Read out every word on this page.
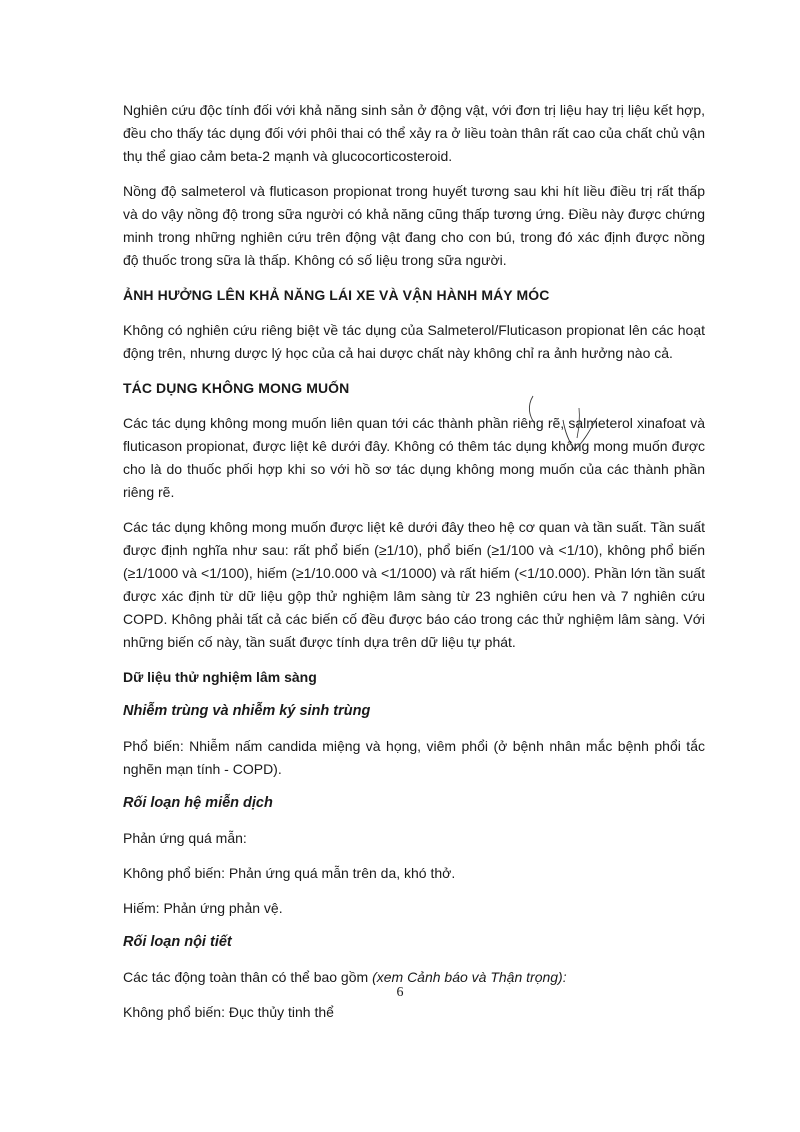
Nghiên cứu độc tính đối với khả năng sinh sản ở động vật, với đơn trị liệu hay trị liệu kết hợp, đều cho thấy tác dụng đối với phôi thai có thể xảy ra ở liều toàn thân rất cao của chất chủ vận thụ thể giao cảm beta-2 mạnh và glucocorticosteroid.

Nồng độ salmeterol và fluticason propionat trong huyết tương sau khi hít liều điều trị rất thấp và do vậy nồng độ trong sữa người có khả năng cũng thấp tương ứng. Điều này được chứng minh trong những nghiên cứu trên động vật đang cho con bú, trong đó xác định được nồng độ thuốc trong sữa là thấp. Không có số liệu trong sữa người.

ẢNH HƯỞNG LÊN KHẢ NĂNG LÁI XE VÀ VẬN HÀNH MÁY MÓC

Không có nghiên cứu riêng biệt về tác dụng của Salmeterol/Fluticason propionat lên các hoạt động trên, nhưng dược lý học của cả hai dược chất này không chỉ ra ảnh hưởng nào cả.

TÁC DỤNG KHÔNG MONG MUỐN

Các tác dụng không mong muốn liên quan tới các thành phần riêng rẽ, salmeterol xinafoat và fluticason propionat, được liệt kê dưới đây. Không có thêm tác dụng không mong muốn được cho là do thuốc phối hợp khi so với hồ sơ tác dụng không mong muốn của các thành phần riêng rẽ.

Các tác dụng không mong muốn được liệt kê dưới đây theo hệ cơ quan và tần suất. Tần suất được định nghĩa như sau: rất phổ biến (≥1/10), phổ biến (≥1/100 và <1/10), không phổ biến (≥1/1000 và <1/100), hiếm (≥1/10.000 và <1/1000) và rất hiếm (<1/10.000). Phần lớn tần suất được xác định từ dữ liệu gộp thử nghiệm lâm sàng từ 23 nghiên cứu hen và 7 nghiên cứu COPD. Không phải tất cả các biến cố đều được báo cáo trong các thử nghiệm lâm sàng. Với những biến cố này, tần suất được tính dựa trên dữ liệu tự phát.

Dữ liệu thử nghiệm lâm sàng
Nhiễm trùng và nhiễm ký sinh trùng

Phổ biến: Nhiễm nấm candida miệng và họng, viêm phổi (ở bệnh nhân mắc bệnh phổi tắc nghẽn mạn tính - COPD).

Rối loạn hệ miễn dịch

Phản ứng quá mẫn:

Không phổ biến: Phản ứng quá mẫn trên da, khó thở.

Hiếm: Phản ứng phản vệ.

Rối loạn nội tiết

Các tác động toàn thân có thể bao gồm (xem Cảnh báo và Thận trọng):

Không phổ biến: Đục thủy tinh thể

6
